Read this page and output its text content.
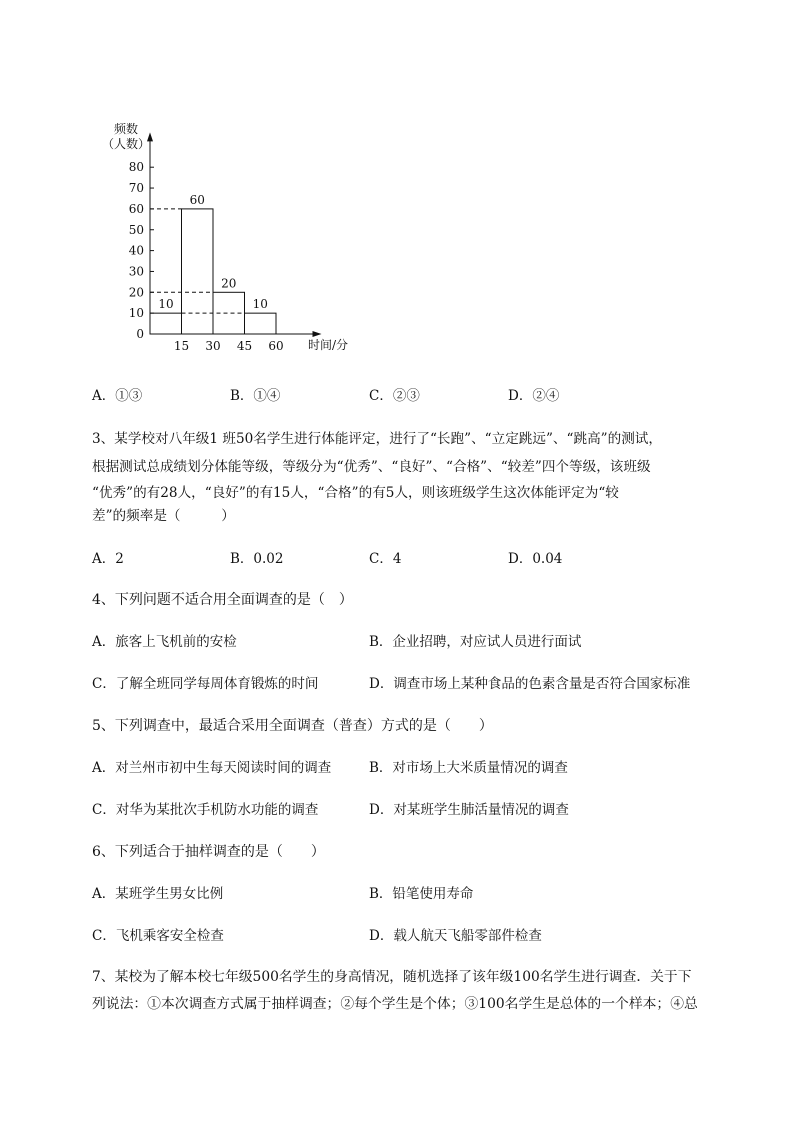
0
10
20
30
40
50
60
70
80
15 30 45 60
10
60
20
10
频数
（人数）
时间/分
A．①③	B．①④	C．②③	D．②④
3、某学校对八年级1 班50名学生进行体能评定，进行了“长跑”、“立定跳远”、“跳高”的测试，
根据测试总成绩划分体能等级，等级分为“优秀”、“良好”、“合格”、“较差”四个等级，该班级
“优秀”的有28人，“良好”的有15人，“合格”的有5人，则该班级学生这次体能评定为“较
差”的频率是（　　　）
A．2	B．0.02	C．4	D．0.04
4、下列问题不适合用全面调查的是（　）
A．旅客上飞机前的安检	B．企业招聘，对应试人员进行面试
C．了解全班同学每周体育锻炼的时间	D．调查市场上某种食品的色素含量是否符合国家标准
5、下列调查中，最适合采用全面调查（普查）方式的是（　　）
A．对兰州市初中生每天阅读时间的调查	B．对市场上大米质量情况的调查
C．对华为某批次手机防水功能的调查	D．对某班学生肺活量情况的调查
6、下列适合于抽样调查的是（　　）
A．某班学生男女比例	B．铅笔使用寿命
C．飞机乘客安全检查	D．载人航天飞船零部件检查
7、某校为了解本校七年级500名学生的身高情况，随机选择了该年级100名学生进行调查．关于下
列说法：①本次调查方式属于抽样调查；②每个学生是个体；③100名学生是总体的一个样本；④总
